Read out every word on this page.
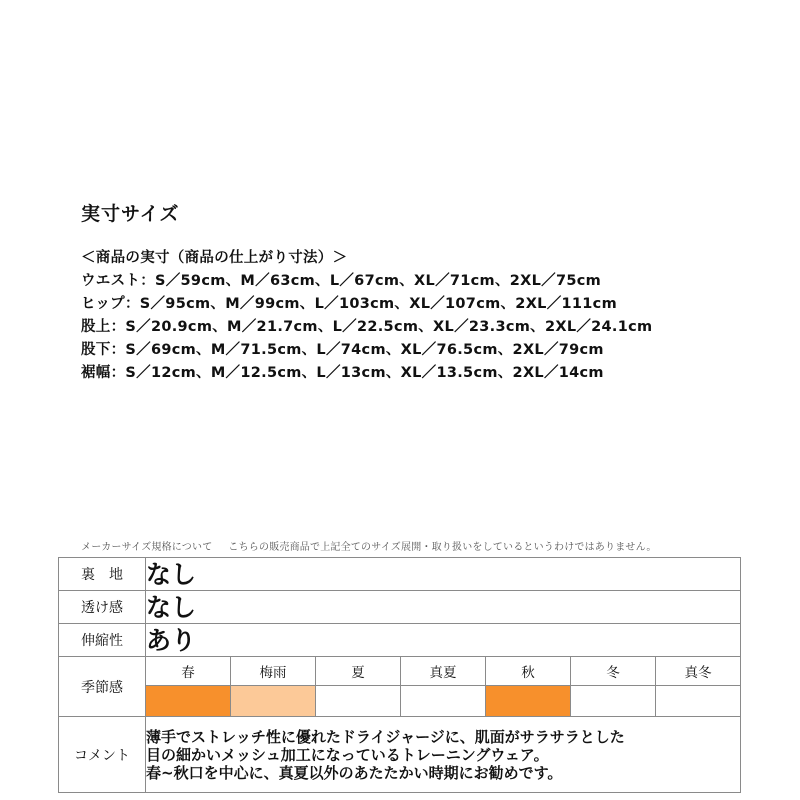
実寸サイズ
＜商品の実寸（商品の仕上がり寸法）＞
ウエスト：S／59cm、M／63cm、L／67cm、XL／71cm、2XL／75cm
ヒップ：S／95cm、M／99cm、L／103cm、XL／107cm、2XL／111cm
股上：S／20.9cm、M／21.7cm、L／22.5cm、XL／23.3cm、2XL／24.1cm
股下：S／69cm、M／71.5cm、L／74cm、XL／76.5cm、2XL／79cm
裾幅：S／12cm、M／12.5cm、L／13cm、XL／13.5cm、2XL／14cm
メーカーサイズ規格について こちらの販売商品で上記全てのサイズ展開・取り扱いをしているというわけではありません。
裏　地	なし						
透け感	なし						
伸縮性	あり						
季節感	春	梅雨	夏	真夏	秋	冬	真冬

コメント	薄手でストレッチ性に優れたドライジャージに、肌面がサラサラとした
目の細かいメッシュ加工になっているトレーニングウェア。
春~秋口を中心に、真夏以外のあたたかい時期にお勧めです。						
